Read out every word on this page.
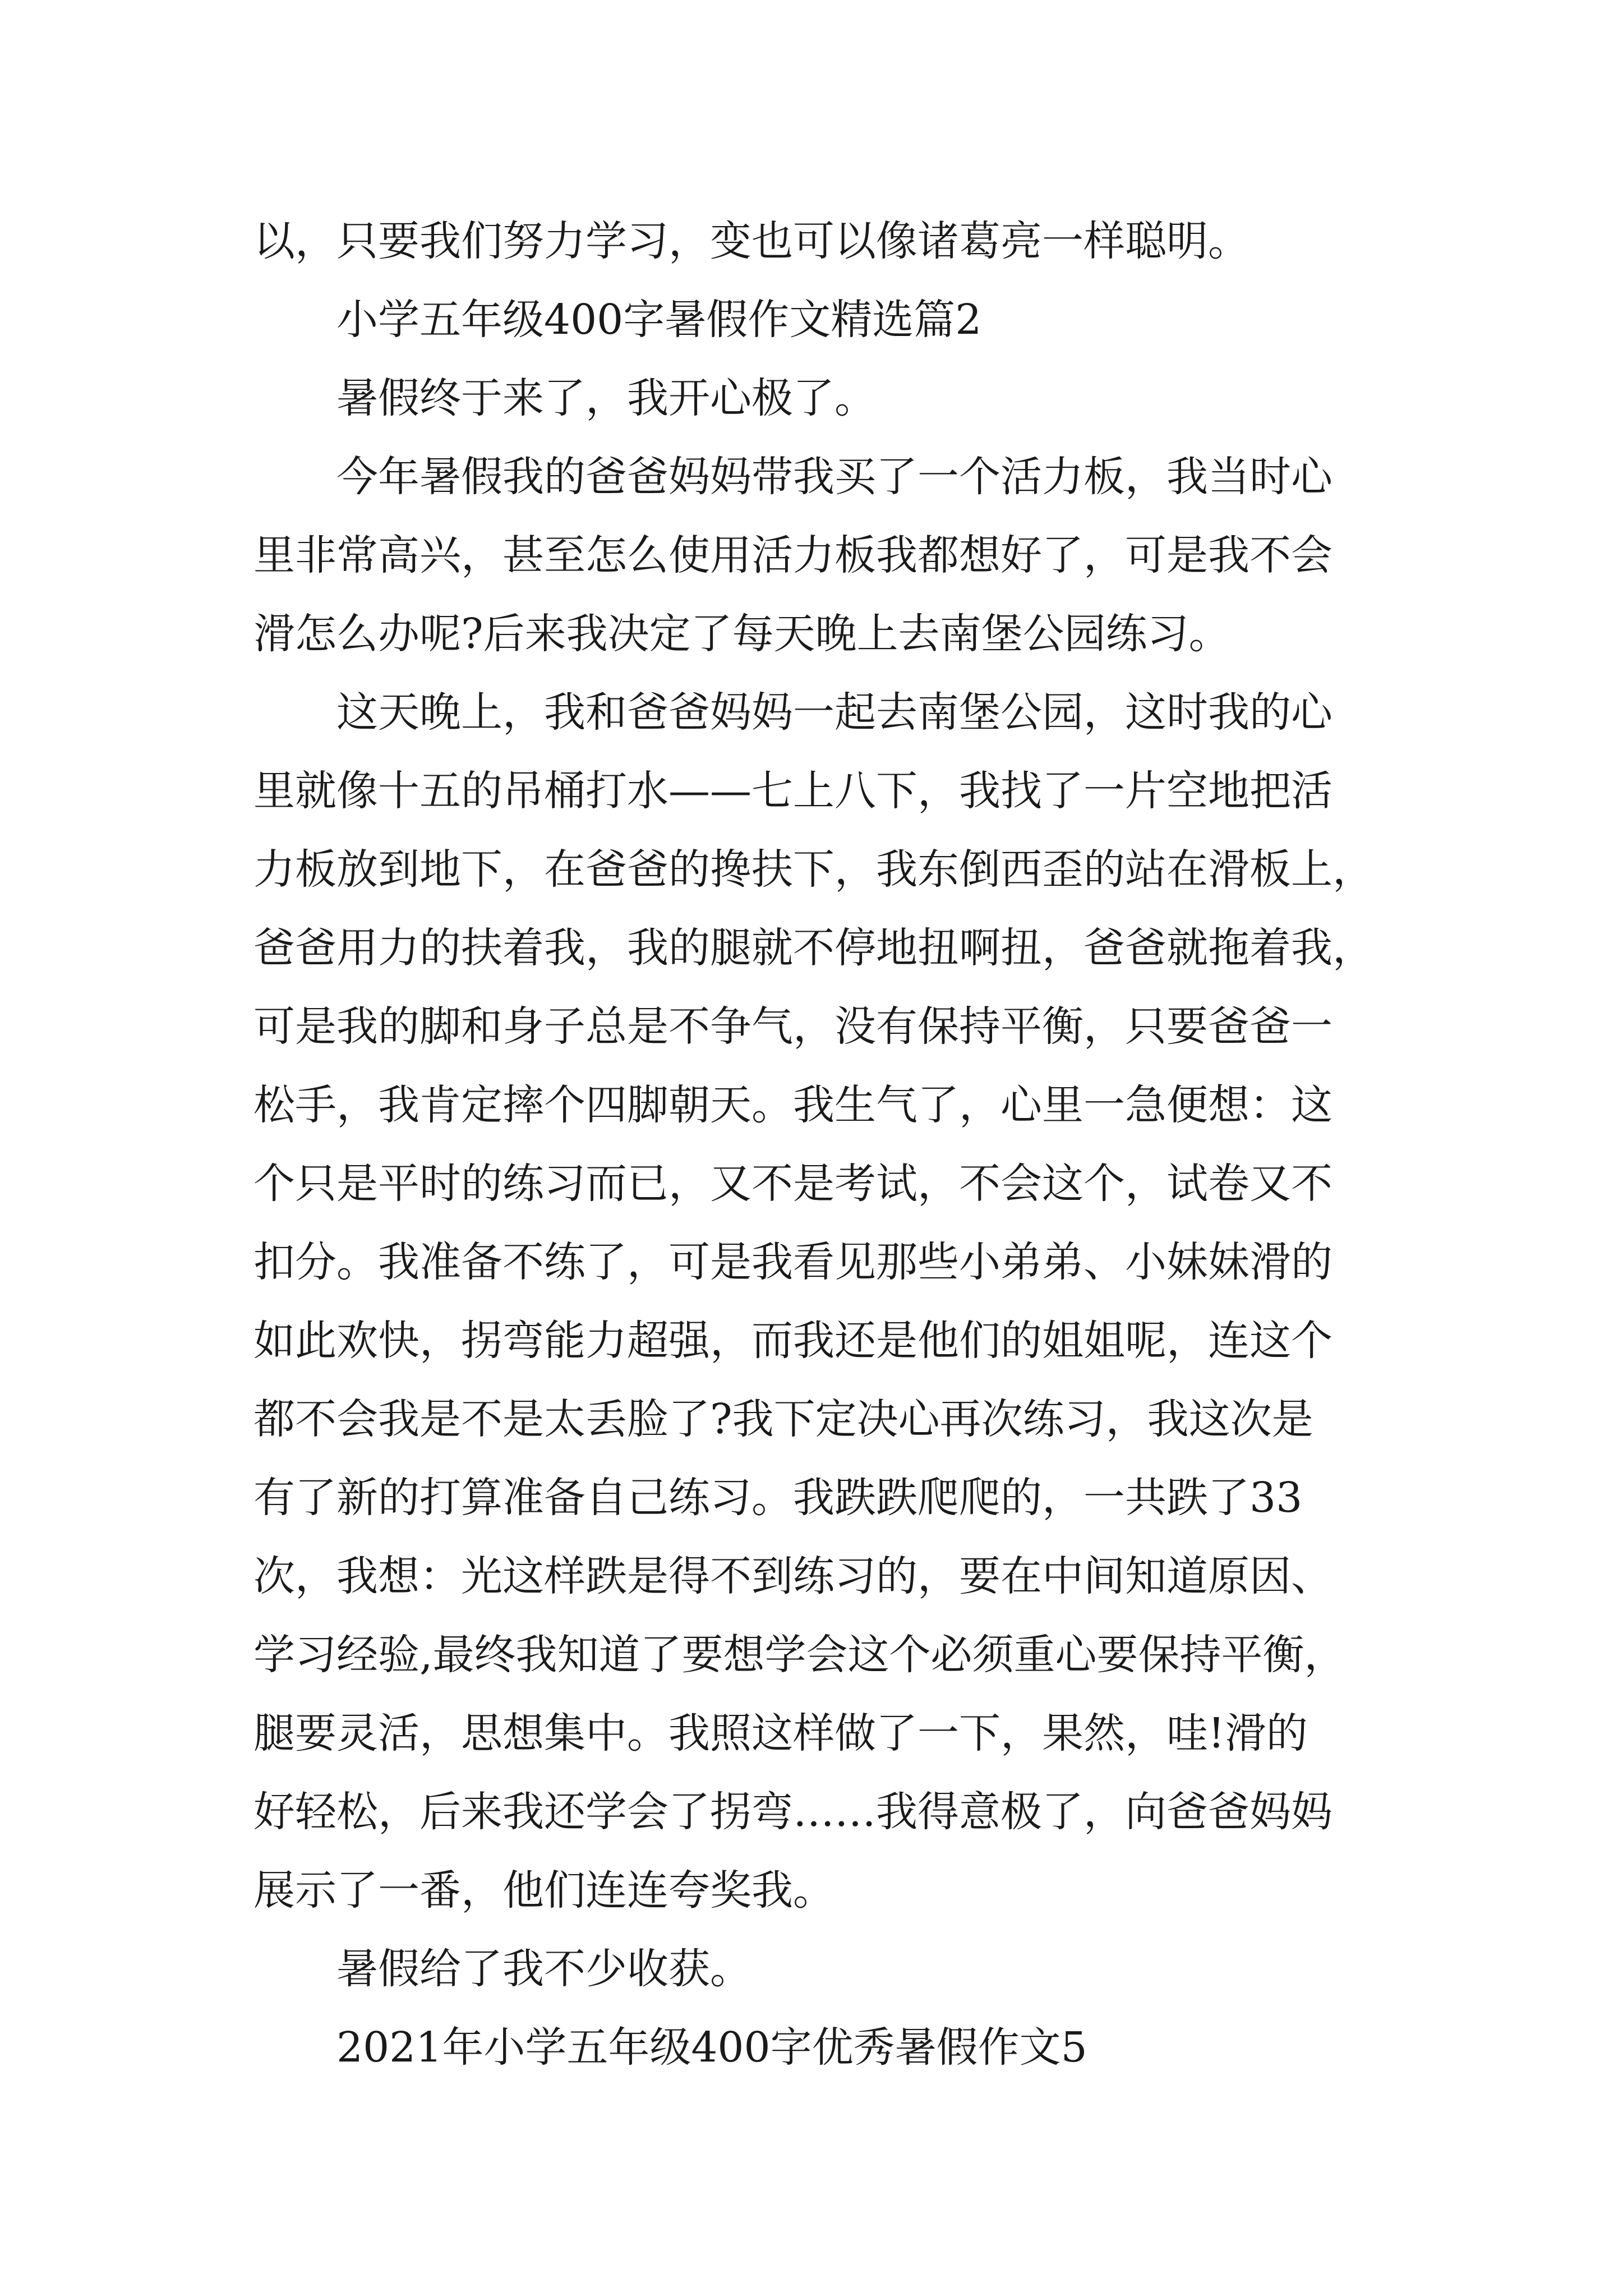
以，只要我们努力学习，变也可以像诸葛亮一样聪明。
小学五年级400字暑假作文精选篇2
暑假终于来了，我开心极了。
今年暑假我的爸爸妈妈带我买了一个活力板，我当时心
里非常高兴，甚至怎么使用活力板我都想好了，可是我不会
滑怎么办呢?后来我决定了每天晚上去南堡公园练习。
这天晚上，我和爸爸妈妈一起去南堡公园，这时我的心
里就像十五的吊桶打水——七上八下，我找了一片空地把活
力板放到地下，在爸爸的搀扶下，我东倒西歪的站在滑板上，
爸爸用力的扶着我，我的腿就不停地扭啊扭，爸爸就拖着我，
可是我的脚和身子总是不争气，没有保持平衡，只要爸爸一
松手，我肯定摔个四脚朝天。我生气了，心里一急便想：这
个只是平时的练习而已，又不是考试，不会这个，试卷又不
扣分。我准备不练了，可是我看见那些小弟弟、小妹妹滑的
如此欢快，拐弯能力超强，而我还是他们的姐姐呢，连这个
都不会我是不是太丢脸了?我下定决心再次练习，我这次是
有了新的打算准备自己练习。我跌跌爬爬的，一共跌了33
次，我想：光这样跌是得不到练习的，要在中间知道原因、
学习经验,最终我知道了要想学会这个必须重心要保持平衡，
腿要灵活，思想集中。我照这样做了一下，果然，哇!滑的
好轻松，后来我还学会了拐弯……我得意极了，向爸爸妈妈
展示了一番，他们连连夸奖我。
暑假给了我不少收获。
2021年小学五年级400字优秀暑假作文5
